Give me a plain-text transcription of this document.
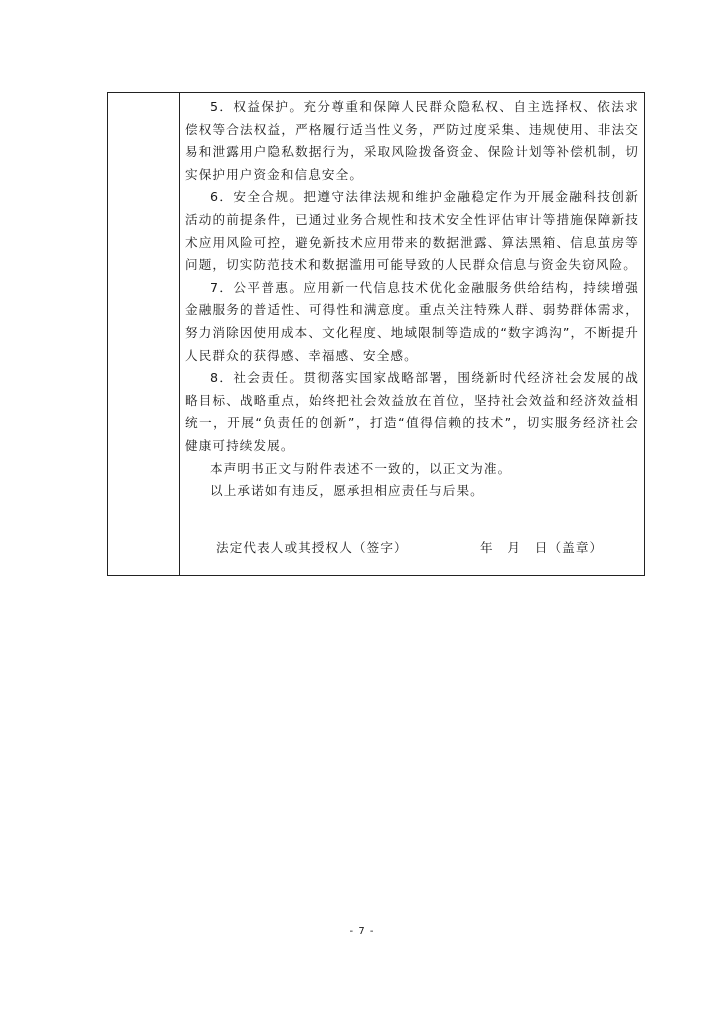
5．权益保护。充分尊重和保障人民群众隐私权、自主选择权、依法求偿权等合法权益，严格履行适当性义务，严防过度采集、违规使用、非法交易和泄露用户隐私数据行为，采取风险拨备资金、保险计划等补偿机制，切实保护用户资金和信息安全。

6．安全合规。把遵守法律法规和维护金融稳定作为开展金融科技创新活动的前提条件，已通过业务合规性和技术安全性评估审计等措施保障新技术应用风险可控，避免新技术应用带来的数据泄露、算法黑箱、信息茧房等问题，切实防范技术和数据滥用可能导致的人民群众信息与资金失窃风险。

7．公平普惠。应用新一代信息技术优化金融服务供给结构，持续增强金融服务的普适性、可得性和满意度。重点关注特殊人群、弱势群体需求，努力消除因使用成本、文化程度、地域限制等造成的“数字鸿沟”，不断提升人民群众的获得感、幸福感、安全感。

8．社会责任。贯彻落实国家战略部署，围绕新时代经济社会发展的战略目标、战略重点，始终把社会效益放在首位，坚持社会效益和经济效益相统一，开展“负责任的创新”，打造“值得信赖的技术”，切实服务经济社会健康可持续发展。

本声明书正文与附件表述不一致的，以正文为准。

以上承诺如有违反，愿承担相应责任与后果。

法定代表人或其授权人（签字）	年　月　日（盖章）
- 7 -
